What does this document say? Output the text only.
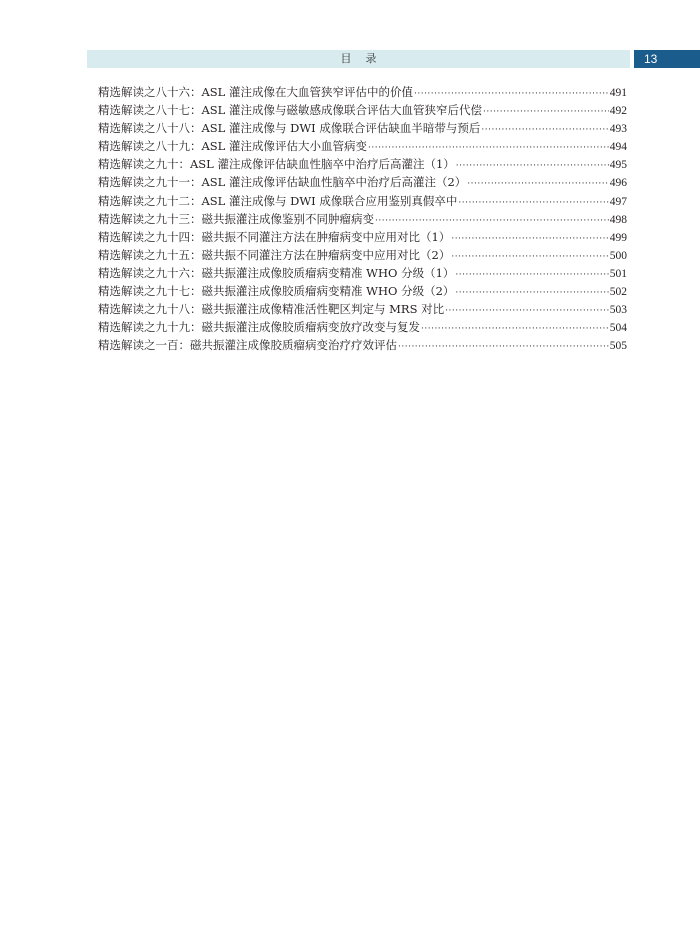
目录	13
精选解读之八十六：ASL 灌注成像在大血管狭窄评估中的价值 ·····	491
精选解读之八十七：ASL 灌注成像与磁敏感成像联合评估大血管狭窄后代偿 ·····	492
精选解读之八十八：ASL 灌注成像与 DWI 成像联合评估缺血半暗带与预后 ·····	493
精选解读之八十九：ASL 灌注成像评估大小血管病变 ·····	494
精选解读之九十：ASL 灌注成像评估缺血性脑卒中治疗后高灌注（1） ·····	495
精选解读之九十一：ASL 灌注成像评估缺血性脑卒中治疗后高灌注（2） ·····	496
精选解读之九十二：ASL 灌注成像与 DWI 成像联合应用鉴别真假卒中 ·····	497
精选解读之九十三：磁共振灌注成像鉴别不同肿瘤病变 ·····	498
精选解读之九十四：磁共振不同灌注方法在肿瘤病变中应用对比（1） ·····	499
精选解读之九十五：磁共振不同灌注方法在肿瘤病变中应用对比（2） ·····	500
精选解读之九十六：磁共振灌注成像胶质瘤病变精准 WHO 分级（1） ·····	501
精选解读之九十七：磁共振灌注成像胶质瘤病变精准 WHO 分级（2） ·····	502
精选解读之九十八：磁共振灌注成像精准活性靶区判定与 MRS 对比 ·····	503
精选解读之九十九：磁共振灌注成像胶质瘤病变放疗改变与复发 ·····	504
精选解读之一百：磁共振灌注成像胶质瘤病变治疗疗效评估 ·····	505
